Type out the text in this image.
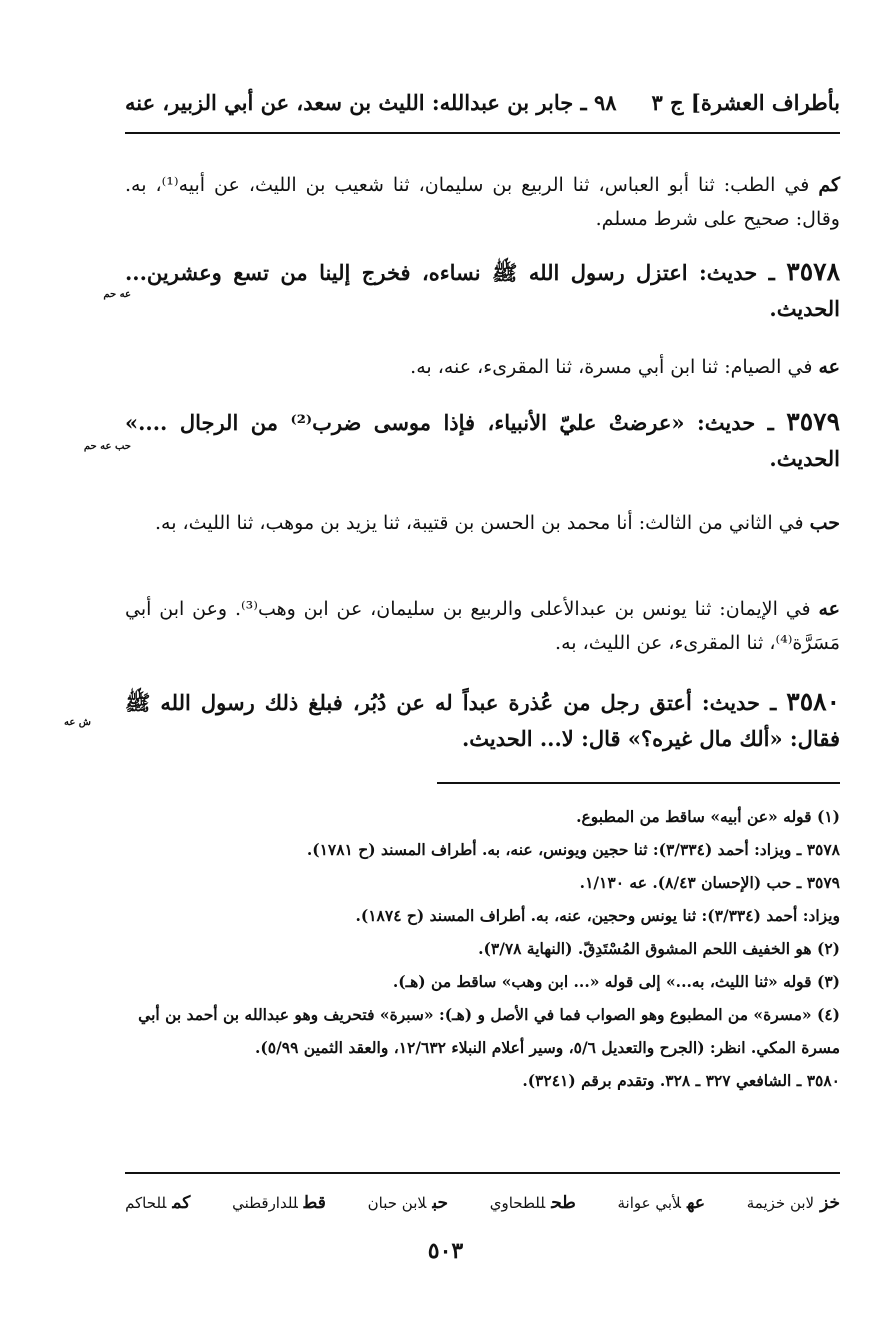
بأطراف العشرة] ج ٣
٩٨ ـ جابر بن عبدالله: الليث بن سعد، عن أبي الزبير، عنه

كم في الطب: ثنا أبو العباس، ثنا الربيع بن سليمان، ثنا شعيب بن الليث، عن أبيه⁽¹⁾، به. وقال: صحيح على شرط مسلم.

٣٥٧٨ ـ حديث: اعتزل رسول الله ﷺ نساءه، فخرج إلينا من تسع وعشرين... الحديث.

عه حم

عه في الصيام: ثنا ابن أبي مسرة، ثنا المقرىء، عنه، به.

٣٥٧٩ ـ حديث: «عرضتْ عليّ الأنبياء، فإذا موسى ضرب⁽²⁾ من الرجال ....» الحديث.

حب عه حم

حب في الثاني من الثالث: أنا محمد بن الحسن بن قتيبة، ثنا يزيد بن موهب، ثنا الليث، به.

عه في الإيمان: ثنا يونس بن عبدالأعلى والربيع بن سليمان، عن ابن وهب⁽³⁾. وعن ابن أبي مَسَرَّة⁽⁴⁾، ثنا المقرىء، عن الليث، به.

٣٥٨٠ ـ حديث: أعتق رجل من عُذرة عبداً له عن دُبُر، فبلغ ذلك رسول الله ﷺ فقال: «ألك مال غيره؟» قال: لا... الحديث.

ش عه

(١) قوله «عن أبيه» ساقط من المطبوع.

٣٥٧٨ ـ ويزاد: أحمد (٣/٣٣٤): ثنا حجين ويونس، عنه، به. أطراف المسند (ح ١٧٨١).

٣٥٧٩ ـ حب (الإحسان ٨/٤٣). عه ١/١٣٠.

ويزاد: أحمد (٣/٣٣٤): ثنا يونس وحجين، عنه، به. أطراف المسند (ح ١٨٧٤).

(٢) هو الخفيف اللحم المشوق المُسْتَدِقّ. (النهاية ٣/٧٨).

(٣) قوله «ثنا الليث، به...» إلى قوله «... ابن وهب» ساقط من (هـ).

(٤) «مسرة» من المطبوع وهو الصواب فما في الأصل و (هـ): «سبرة» فتحريف وهو عبدالله بن أحمد بن أبي مسرة المكي. انظر: (الجرح والتعديل ٥/٦، وسير أعلام النبلاء ١٢/٦٣٢، والعقد الثمين ٥/٩٩).

٣٥٨٠ ـ الشافعي ٣٢٧ ـ ٣٢٨. وتقدم برقم (٣٢٤١).

خزلابن خزيمة
عهلأبي عوانة
طحللطحاوي
حبلابن حبان
قطللدارقطني
كمللحاكم
٥٠٣
